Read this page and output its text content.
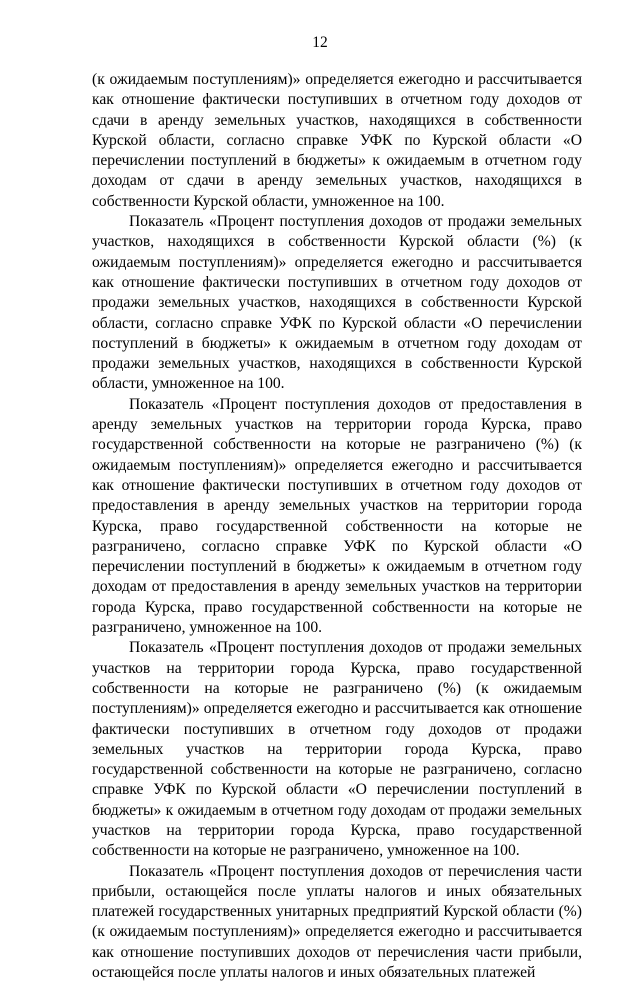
12

(к ожидаемым поступлениям)» определяется ежегодно и рассчитывается как отношение фактически поступивших в отчетном году доходов от сдачи в аренду земельных участков, находящихся в собственности Курской области, согласно справке УФК по Курской области «О перечислении поступлений в бюджеты» к ожидаемым в отчетном году доходам от сдачи в аренду земельных участков, находящихся в собственности Курской области, умноженное на 100.

Показатель «Процент поступления доходов от продажи земельных участков, находящихся в собственности Курской области (%) (к ожидаемым поступлениям)» определяется ежегодно и рассчитывается как отношение фактически поступивших в отчетном году доходов от продажи земельных участков, находящихся в собственности Курской области, согласно справке УФК по Курской области «О перечислении поступлений в бюджеты» к ожидаемым в отчетном году доходам от продажи земельных участков, находящихся в собственности Курской области, умноженное на 100.

Показатель «Процент поступления доходов от предоставления в аренду земельных участков на территории города Курска, право государственной собственности на которые не разграничено (%) (к ожидаемым поступлениям)» определяется ежегодно и рассчитывается как отношение фактически поступивших в отчетном году доходов от предоставления в аренду земельных участков на территории города Курска, право государственной собственности на которые не разграничено, согласно справке УФК по Курской области «О перечислении поступлений в бюджеты» к ожидаемым в отчетном году доходам от предоставления в аренду земельных участков на территории города Курска, право государственной собственности на которые не разграничено, умноженное на 100.

Показатель «Процент поступления доходов от продажи земельных участков на территории города Курска, право государственной собственности на которые не разграничено (%) (к ожидаемым поступлениям)» определяется ежегодно и рассчитывается как отношение фактически поступивших в отчетном году доходов от продажи земельных участков на территории города Курска, право государственной собственности на которые не разграничено, согласно справке УФК по Курской области «О перечислении поступлений в бюджеты» к ожидаемым в отчетном году доходам от продажи земельных участков на территории города Курска, право государственной собственности на которые не разграничено, умноженное на 100.

Показатель «Процент поступления доходов от перечисления части прибыли, остающейся после уплаты налогов и иных обязательных платежей государственных унитарных предприятий Курской области (%) (к ожидаемым поступлениям)» определяется ежегодно и рассчитывается как отношение поступивших доходов от перечисления части прибыли, остающейся после уплаты налогов и иных обязательных платежей
